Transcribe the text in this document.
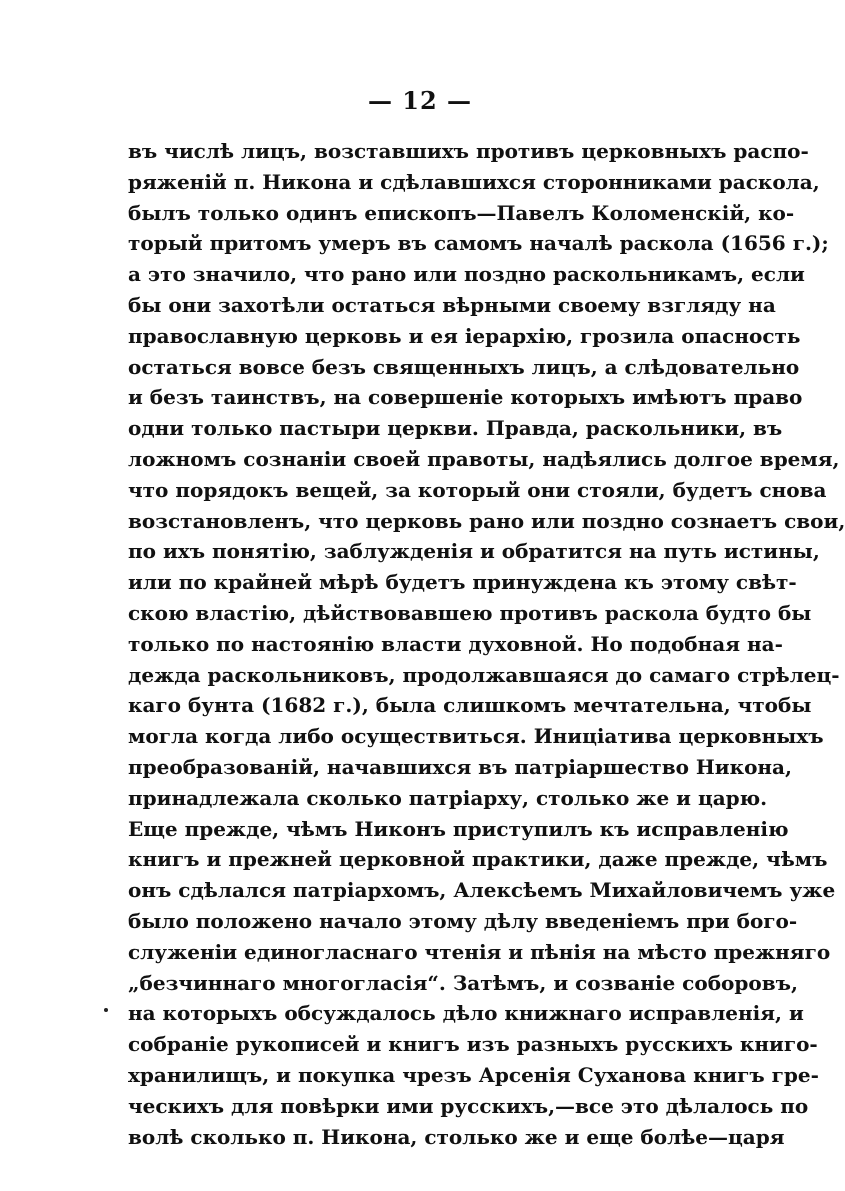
— 12 —
въ числѣ лицъ, возставшихъ противъ церковныхъ распо-
ряженій п. Никона и сдѣлавшихся сторонниками раскола,
былъ только одинъ епископъ—Павелъ Коломенскій, ко-
торый притомъ умеръ въ самомъ началѣ раскола (1656 г.);
а это значило, что рано или поздно раскольникамъ, если
бы они захотѣли остаться вѣрными своему взгляду на
православную церковь и ея іерархію, грозила опасность
остаться вовсе безъ священныхъ лицъ, а слѣдовательно
и безъ таинствъ, на совершеніе которыхъ имѣютъ право
одни только пастыри церкви. Правда, раскольники, въ
ложномъ сознаніи своей правоты, надѣялись долгое время,
что порядокъ вещей, за который они стояли, будетъ снова
возстановленъ, что церковь рано или поздно сознаетъ свои,
по ихъ понятію, заблужденія и обратится на путь истины,
или по крайней мѣрѣ будетъ принуждена къ этому свѣт-
скою властію, дѣйствовавшею противъ раскола будто бы
только по настоянію власти духовной. Но подобная на-
дежда раскольниковъ, продолжавшаяся до самаго стрѣлец-
каго бунта (1682 г.), была слишкомъ мечтательна, чтобы
могла когда либо осуществиться. Иниціатива церковныхъ
преобразованій, начавшихся въ патріаршество Никона,
принадлежала сколько патріарху, столько же и царю.
Еще прежде, чѣмъ Никонъ приступилъ къ исправленію
книгъ и прежней церковной практики, даже прежде, чѣмъ
онъ сдѣлался патріархомъ, Алексѣемъ Михайловичемъ уже
было положено начало этому дѣлу введеніемъ при бого-
служеніи единогласнаго чтенія и пѣнія на мѣсто прежняго
„безчиннаго многогласія“. Затѣмъ, и созваніе соборовъ,
на которыхъ обсуждалось дѣло книжнаго исправленія, и
собраніе рукописей и книгъ изъ разныхъ русскихъ книго-
хранилищъ, и покупка чрезъ Арсенія Суханова книгъ гре-
ческихъ для повѣрки ими русскихъ,—все это дѣлалось по
волѣ сколько п. Никона, столько же и еще болѣе—царя
